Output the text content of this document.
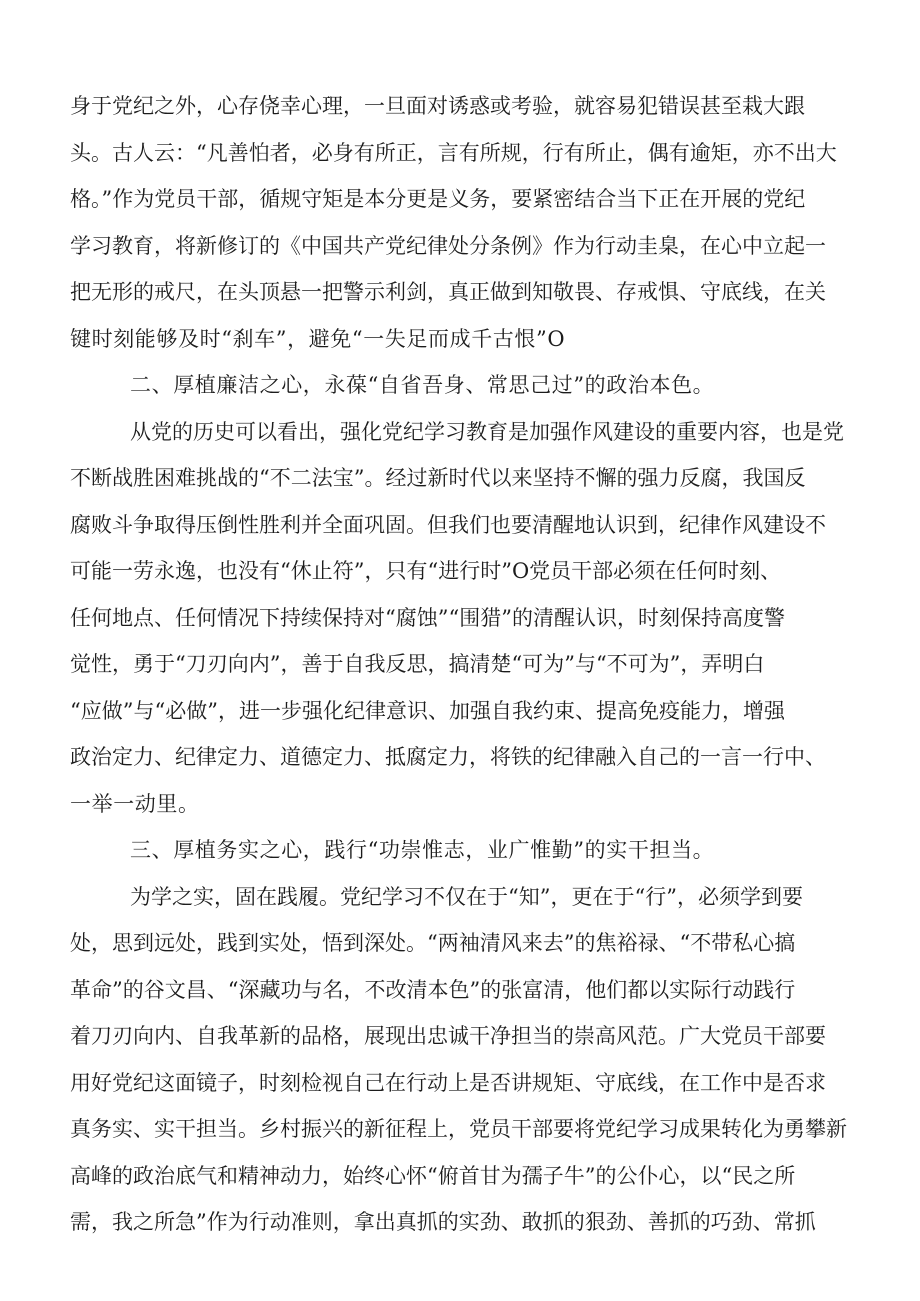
身于党纪之外，心存侥幸心理，一旦面对诱惑或考验，就容易犯错误甚至栽大跟
头。古人云：“凡善怕者，必身有所正，言有所规，行有所止，偶有逾矩，亦不出大
格。”作为党员干部，循规守矩是本分更是义务，要紧密结合当下正在开展的党纪
学习教育，将新修订的《中国共产党纪律处分条例》作为行动圭臬，在心中立起一
把无形的戒尺，在头顶悬一把警示利剑，真正做到知敬畏、存戒惧、守底线，在关
键时刻能够及时“刹车”，避免“一失足而成千古恨”O
二、厚植廉洁之心，永葆“自省吾身、常思己过”的政治本色。
从党的历史可以看出，强化党纪学习教育是加强作风建设的重要内容，也是党
不断战胜困难挑战的“不二法宝”。经过新时代以来坚持不懈的强力反腐，我国反
腐败斗争取得压倒性胜利并全面巩固。但我们也要清醒地认识到，纪律作风建设不
可能一劳永逸，也没有“休止符”，只有“进行时”O党员干部必须在任何时刻、
任何地点、任何情况下持续保持对“腐蚀”“围猎”的清醒认识，时刻保持高度警
觉性，勇于“刀刃向内”，善于自我反思，搞清楚“可为”与“不可为”，弄明白
“应做”与“必做”，进一步强化纪律意识、加强自我约束、提高免疫能力，增强
政治定力、纪律定力、道德定力、抵腐定力，将铁的纪律融入自己的一言一行中、
一举一动里。
三、厚植务实之心，践行“功崇惟志，业广惟勤”的实干担当。
为学之实，固在践履。党纪学习不仅在于“知”，更在于“行”，必须学到要
处，思到远处，践到实处，悟到深处。“两袖清风来去”的焦裕禄、“不带私心搞
革命”的谷文昌、“深藏功与名，不改清本色”的张富清，他们都以实际行动践行
着刀刃向内、自我革新的品格，展现出忠诚干净担当的崇高风范。广大党员干部要
用好党纪这面镜子，时刻检视自己在行动上是否讲规矩、守底线，在工作中是否求
真务实、实干担当。乡村振兴的新征程上，党员干部要将党纪学习成果转化为勇攀新
高峰的政治底气和精神动力，始终心怀“俯首甘为孺子牛”的公仆心，以“民之所
需，我之所急”作为行动准则，拿出真抓的实劲、敢抓的狠劲、善抓的巧劲、常抓
